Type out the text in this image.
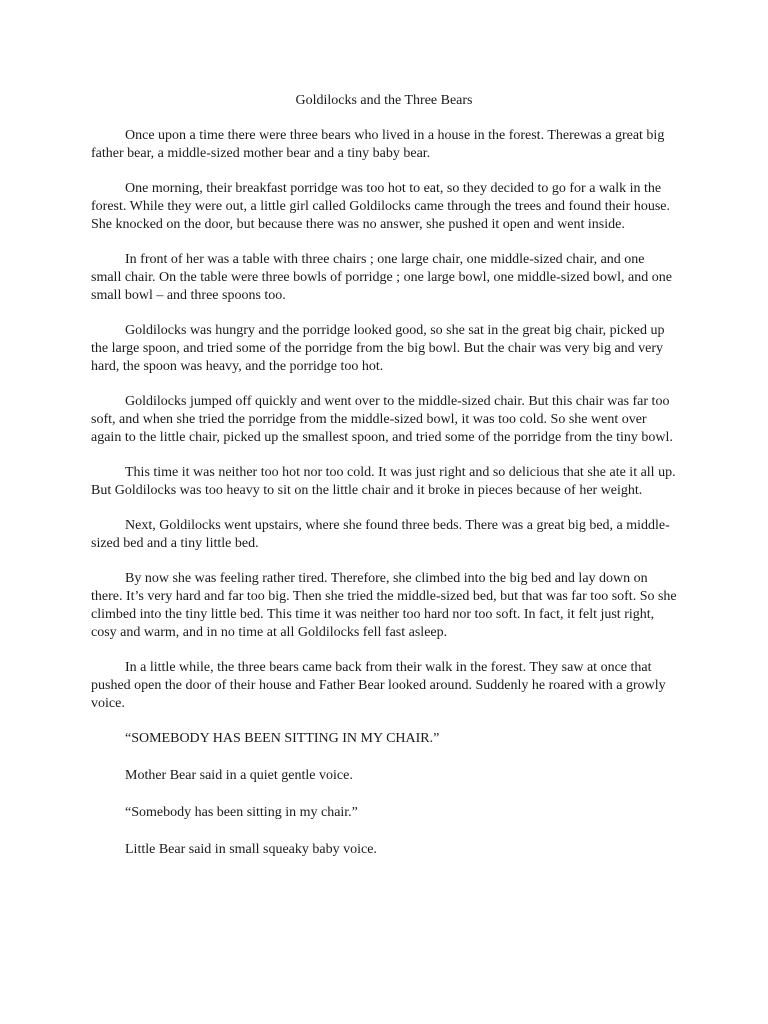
Goldilocks and the Three Bears

Once upon a time there were three bears who lived in a house in the forest. Therewas a great big father bear, a middle-sized mother bear and a tiny baby bear.

One morning, their breakfast porridge was too hot to eat, so they decided to go for a walk in the forest. While they were out, a little girl called Goldilocks came through the trees and found their house. She knocked on the door, but because there was no answer, she pushed it open and went inside.

In front of her was a table with three chairs ; one large chair, one middle-sized chair, and one small chair. On the table were three bowls of porridge ; one large bowl, one middle-sized bowl, and one small bowl – and three spoons too.

Goldilocks was hungry and the porridge looked good, so she sat in the great big chair, picked up the large spoon, and tried some of the porridge from the big bowl. But the chair was very big and very hard, the spoon was heavy, and the porridge too hot.

Goldilocks jumped off quickly and went over to the middle-sized chair. But this chair was far too soft, and when she tried the porridge from the middle-sized bowl, it was too cold. So she went over again to the little chair, picked up the smallest spoon, and tried some of the porridge from the tiny bowl.

This time it was neither too hot nor too cold. It was just right and so delicious that she ate it all up. But Goldilocks was too heavy to sit on the little chair and it broke in pieces because of her weight.

Next, Goldilocks went upstairs, where she found three beds. There was a great big bed, a middle-sized bed and a tiny little bed.

By now she was feeling rather tired. Therefore, she climbed into the big bed and lay down on there. It’s very hard and far too big. Then she tried the middle-sized bed, but that was far too soft. So she climbed into the tiny little bed. This time it was neither too hard nor too soft. In fact, it felt just right, cosy and warm, and in no time at all Goldilocks fell fast asleep.

In a little while, the three bears came back from their walk in the forest. They saw at once that pushed open the door of their house and Father Bear looked around. Suddenly he roared with a growly voice.

“SOMEBODY HAS BEEN SITTING IN MY CHAIR.”

Mother Bear said in a quiet gentle voice.

“Somebody has been sitting in my chair.”

Little Bear said in small squeaky baby voice.
